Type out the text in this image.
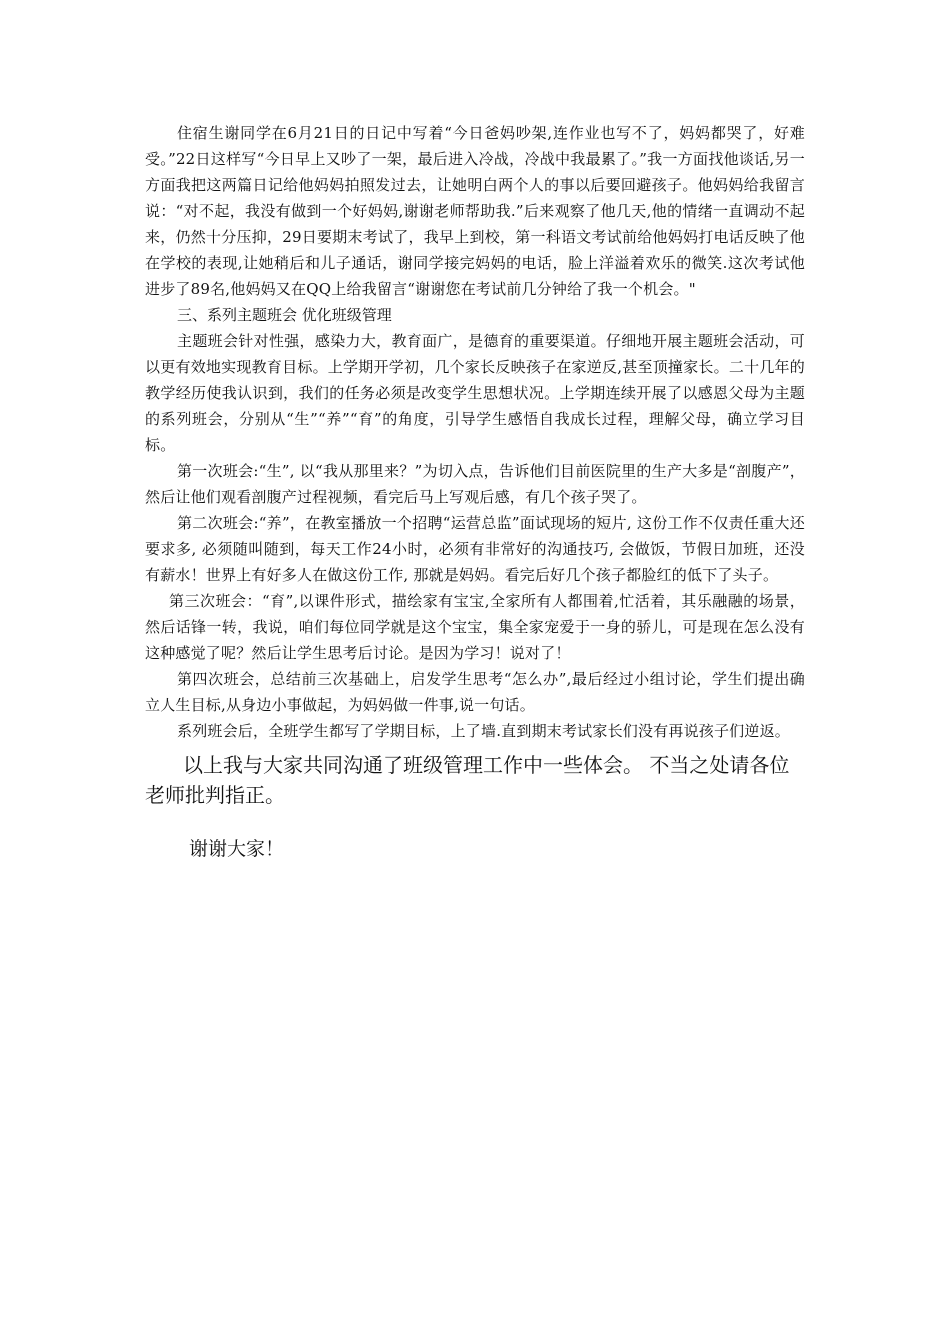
住宿生谢同学在6月21日的日记中写着“今日爸妈吵架,连作业也写不了，妈妈都哭了，好难受。”22日这样写“今日早上又吵了一架，最后进入冷战，冷战中我最累了。”我一方面找他谈话,另一方面我把这两篇日记给他妈妈拍照发过去，让她明白两个人的事以后要回避孩子。他妈妈给我留言说：“对不起，我没有做到一个好妈妈,谢谢老师帮助我.”后来观察了他几天,他的情绪一直调动不起来，仍然十分压抑，29日要期末考试了，我早上到校，第一科语文考试前给他妈妈打电话反映了他在学校的表现,让她稍后和儿子通话，谢同学接完妈妈的电话，脸上洋溢着欢乐的微笑.这次考试他进步了89名,他妈妈又在QQ上给我留言“谢谢您在考试前几分钟给了我一个机会。"

三、系列主题班会 优化班级管理

主题班会针对性强，感染力大，教育面广，是德育的重要渠道。仔细地开展主题班会活动，可以更有效地实现教育目标。上学期开学初，几个家长反映孩子在家逆反,甚至顶撞家长。二十几年的教学经历使我认识到，我们的任务必须是改变学生思想状况。上学期连续开展了以感恩父母为主题的系列班会，分别从“生”“养”“育”的角度，引导学生感悟自我成长过程，理解父母，确立学习目标。

第一次班会:“生”, 以“我从那里来？”为切入点，告诉他们目前医院里的生产大多是“剖腹产”，然后让他们观看剖腹产过程视频，看完后马上写观后感，有几个孩子哭了。

第二次班会:“养”，在教室播放一个招聘“运营总监”面试现场的短片, 这份工作不仅责任重大还要求多, 必须随叫随到，每天工作24小时，必须有非常好的沟通技巧, 会做饭，节假日加班，还没有薪水！世界上有好多人在做这份工作, 那就是妈妈。看完后好几个孩子都脸红的低下了头子。

第三次班会：“育”,以课件形式，描绘家有宝宝,全家所有人都围着,忙活着，其乐融融的场景，然后话锋一转，我说，咱们每位同学就是这个宝宝，集全家宠爱于一身的骄儿，可是现在怎么没有这种感觉了呢？然后让学生思考后讨论。是因为学习！说对了！

第四次班会，总结前三次基础上，启发学生思考“怎么办”,最后经过小组讨论，学生们提出确立人生目标,从身边小事做起，为妈妈做一件事,说一句话。

系列班会后，全班学生都写了学期目标，上了墙.直到期末考试家长们没有再说孩子们逆返。

以上我与大家共同沟通了班级管理工作中一些体会。 不当之处请各位老师批判指正。

谢谢大家！
